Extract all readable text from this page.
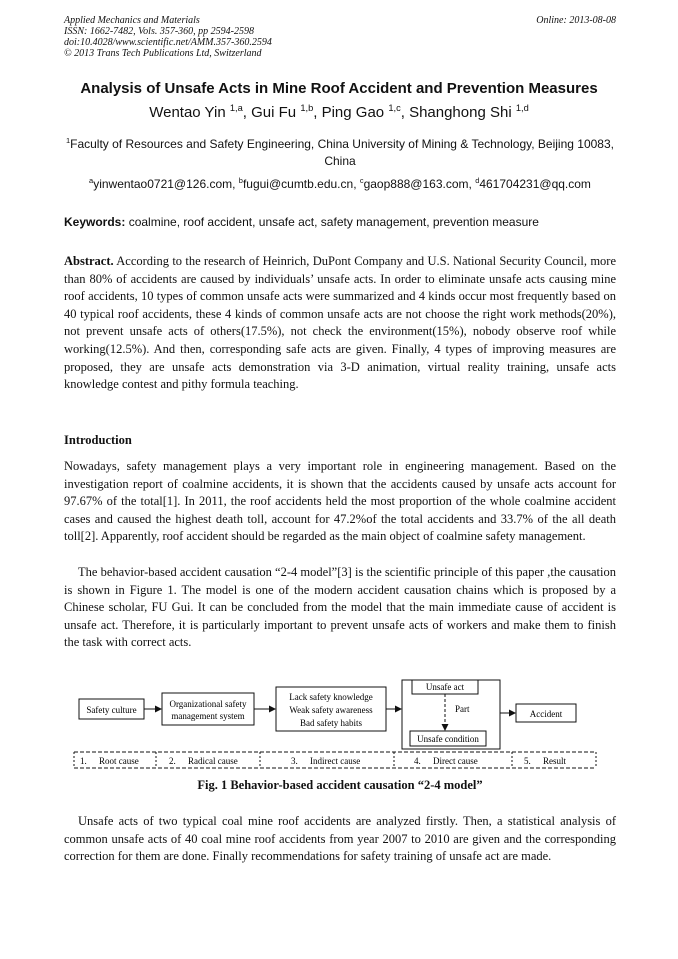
Applied Mechanics and Materials
ISSN: 1662-7482, Vols. 357-360, pp 2594-2598
doi:10.4028/www.scientific.net/AMM.357-360.2594
© 2013 Trans Tech Publications Ltd, Switzerland
Online: 2013-08-08
Analysis of Unsafe Acts in Mine Roof Accident and Prevention Measures
Wentao Yin $^{1,a}$, Gui Fu $^{1,b}$, Ping Gao $^{1,c}$, Shanghong Shi $^{1,d}$
$^1$Faculty of Resources and Safety Engineering, China University of Mining & Technology, Beijing 10083, China
$^a$yinwentao0721@126.com, $^b$fugui@cumtb.edu.cn, $^c$gaop888@163.com, $^d$461704231@qq.com
Keywords: coalmine, roof accident, unsafe act, safety management, prevention measure
Abstract. According to the research of Heinrich, DuPont Company and U.S. National Security Council, more than 80% of accidents are caused by individuals’ unsafe acts. In order to eliminate unsafe acts causing mine roof accidents, 10 types of common unsafe acts were summarized and 4 kinds occur most frequently based on 40 typical roof accidents, these 4 kinds of common unsafe acts are not choose the right work methods(20%), not prevent unsafe acts of others(17.5%), not check the environment(15%), nobody observe roof while working(12.5%). And then, corresponding safe acts are given. Finally, 4 types of improving measures are proposed, they are unsafe acts demonstration via 3-D animation, virtual reality training, unsafe acts knowledge contest and pithy formula teaching.
Introduction
Nowadays, safety management plays a very important role in engineering management. Based on the investigation report of coalmine accidents, it is shown that the accidents caused by unsafe acts account for 97.67% of the total[1]. In 2011, the roof accidents held the most proportion of the whole coalmine accident cases and caused the highest death toll, account for 47.2%of the total accidents and 33.7% of the all death toll[2]. Apparently, roof accident should be regarded as the main object of coalmine safety management.
The behavior-based accident causation “2-4 model”[3] is the scientific principle of this paper ,the causation is shown in Figure 1. The model is one of the modern accident causation chains which is proposed by a Chinese scholar, FU Gui. It can be concluded from the model that the main immediate cause of accident is unsafe act. Therefore, it is particularly important to prevent unsafe acts of workers and make them to finish the task with correct acts.
Safety culture
Organizational safety
management system
Lack safety knowledge
Weak safety awareness
Bad safety habits
Unsafe act
Part
Unsafe condition
Accident
1. Root cause	2. Radical cause	3. Indirect cause	4. Direct cause	5. Result
Fig. 1 Behavior-based accident causation “2-4 model”
Unsafe acts of two typical coal mine roof accidents are analyzed firstly. Then, a statistical analysis of common unsafe acts of 40 coal mine roof accidents from year 2007 to 2010 are given and the corresponding correction for them are done. Finally recommendations for safety training of unsafe act are made.
